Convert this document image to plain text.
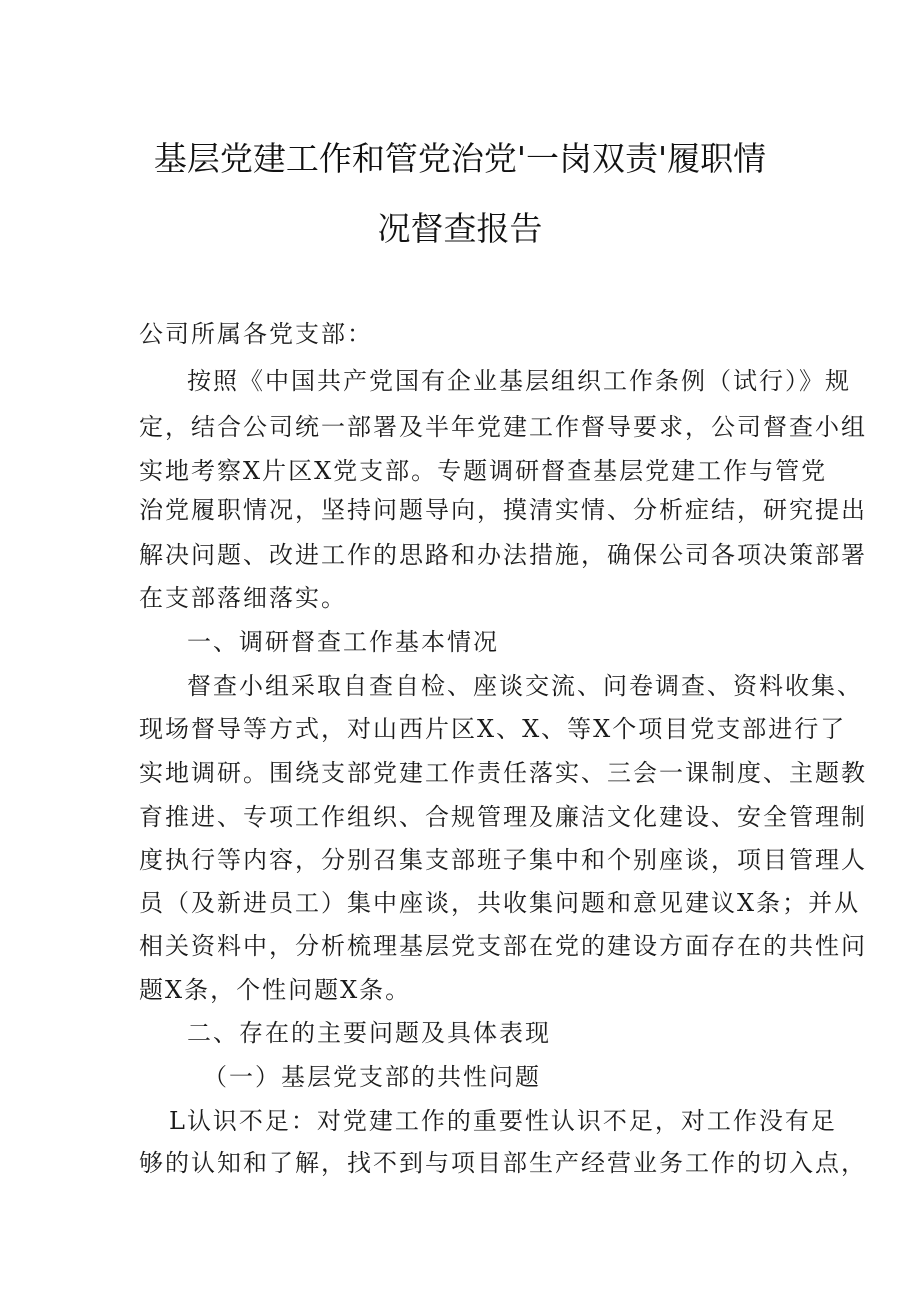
基层党建工作和管党治党'一岗双责'履职情
况督查报告
公司所属各党支部：
按照《中国共产党国有企业基层组织工作条例（试行）》规
定，结合公司统一部署及半年党建工作督导要求，公司督查小组
实地考察X片区X党支部。专题调研督查基层党建工作与管党
治党履职情况，坚持问题导向，摸清实情、分析症结，研究提出
解决问题、改进工作的思路和办法措施，确保公司各项决策部署
在支部落细落实。
一、调研督查工作基本情况
督查小组采取自查自检、座谈交流、问卷调查、资料收集、
现场督导等方式，对山西片区X、X、等X个项目党支部进行了
实地调研。围绕支部党建工作责任落实、三会一课制度、主题教
育推进、专项工作组织、合规管理及廉洁文化建设、安全管理制
度执行等内容，分别召集支部班子集中和个别座谈，项目管理人
员（及新进员工）集中座谈，共收集问题和意见建议X条；并从
相关资料中，分析梳理基层党支部在党的建设方面存在的共性问
题X条，个性问题X条。
二、存在的主要问题及具体表现
（一）基层党支部的共性问题
L认识不足：对党建工作的重要性认识不足，对工作没有足
够的认知和了解，找不到与项目部生产经营业务工作的切入点，
